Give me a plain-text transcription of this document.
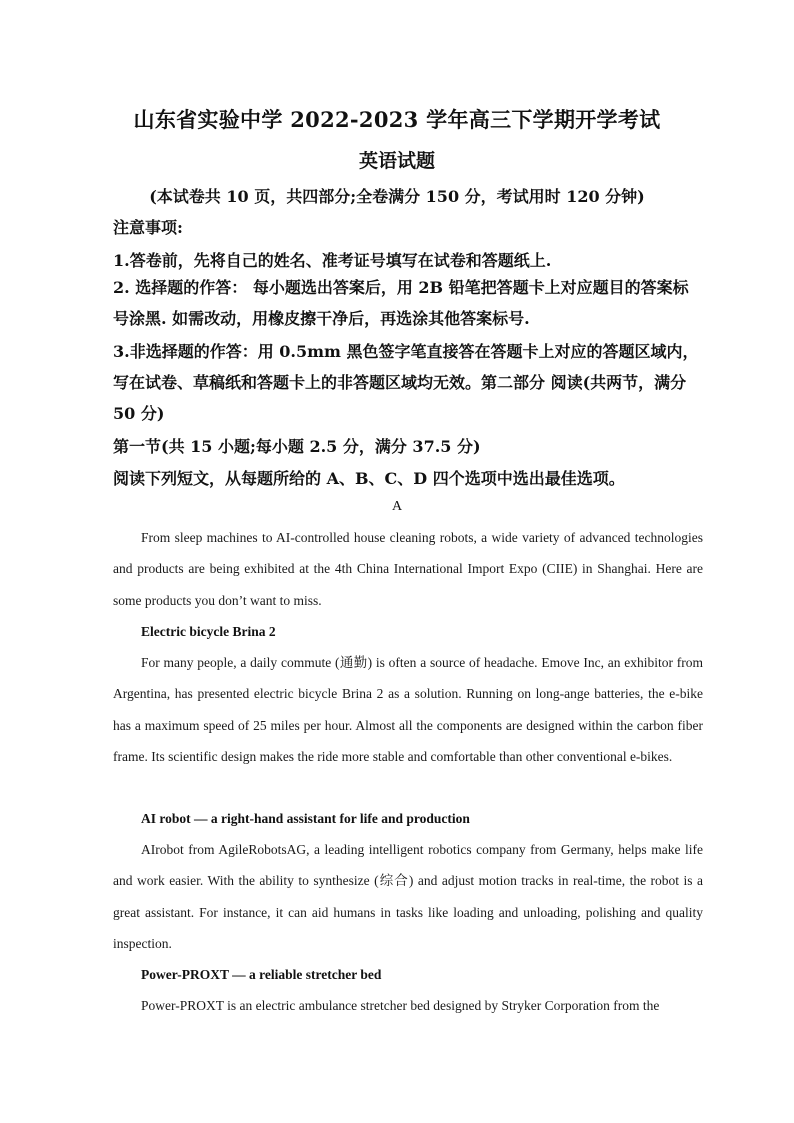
山东省实验中学 2022-2023 学年高三下学期开学考试
英语试题
(本试卷共 10 页，共四部分;全卷满分 150 分，考试用时 120 分钟)
注意事项:
1.答卷前，先将自己的姓名、准考证号填写在试卷和答题纸上.
2. 选择题的作答： 每小题选出答案后，用 2B 铅笔把答题卡上对应题目的答案标号涂黑. 如需改动，用橡皮擦干净后，再选涂其他答案标号.
3.非选择题的作答：用 0.5mm 黑色签字笔直接答在答题卡上对应的答题区域内，写在试卷、草稿纸和答题卡上的非答题区域均无效。第二部分 阅读(共两节，满分 50 分)
第一节(共 15 小题;每小题 2.5 分，满分 37.5 分)
阅读下列短文，从每题所给的 A、B、C、D 四个选项中选出最佳选项。
A
From sleep machines to AI-controlled house cleaning robots, a wide variety of advanced technologies and products are being exhibited at the 4th China International Import Expo (CIIE) in Shanghai. Here are some products you don’t want to miss.
Electric bicycle Brina 2
For many people, a daily commute (通勤) is often a source of headache. Emove Inc, an exhibitor from Argentina, has presented electric bicycle Brina 2 as a solution. Running on long-ange batteries, the e-bike has a maximum speed of 25 miles per hour. Almost all the components are designed within the carbon fiber frame. Its scientific design makes the ride more stable and comfortable than other conventional e-bikes.
AI robot — a right-hand assistant for life and production
AIrobot from AgileRobotsAG, a leading intelligent robotics company from Germany, helps make life and work easier. With the ability to synthesize (综合) and adjust motion tracks in real-time, the robot is a great assistant. For instance, it can aid humans in tasks like loading and unloading, polishing and quality inspection.
Power-PROXT — a reliable stretcher bed
Power-PROXT is an electric ambulance stretcher bed designed by Stryker Corporation from the
